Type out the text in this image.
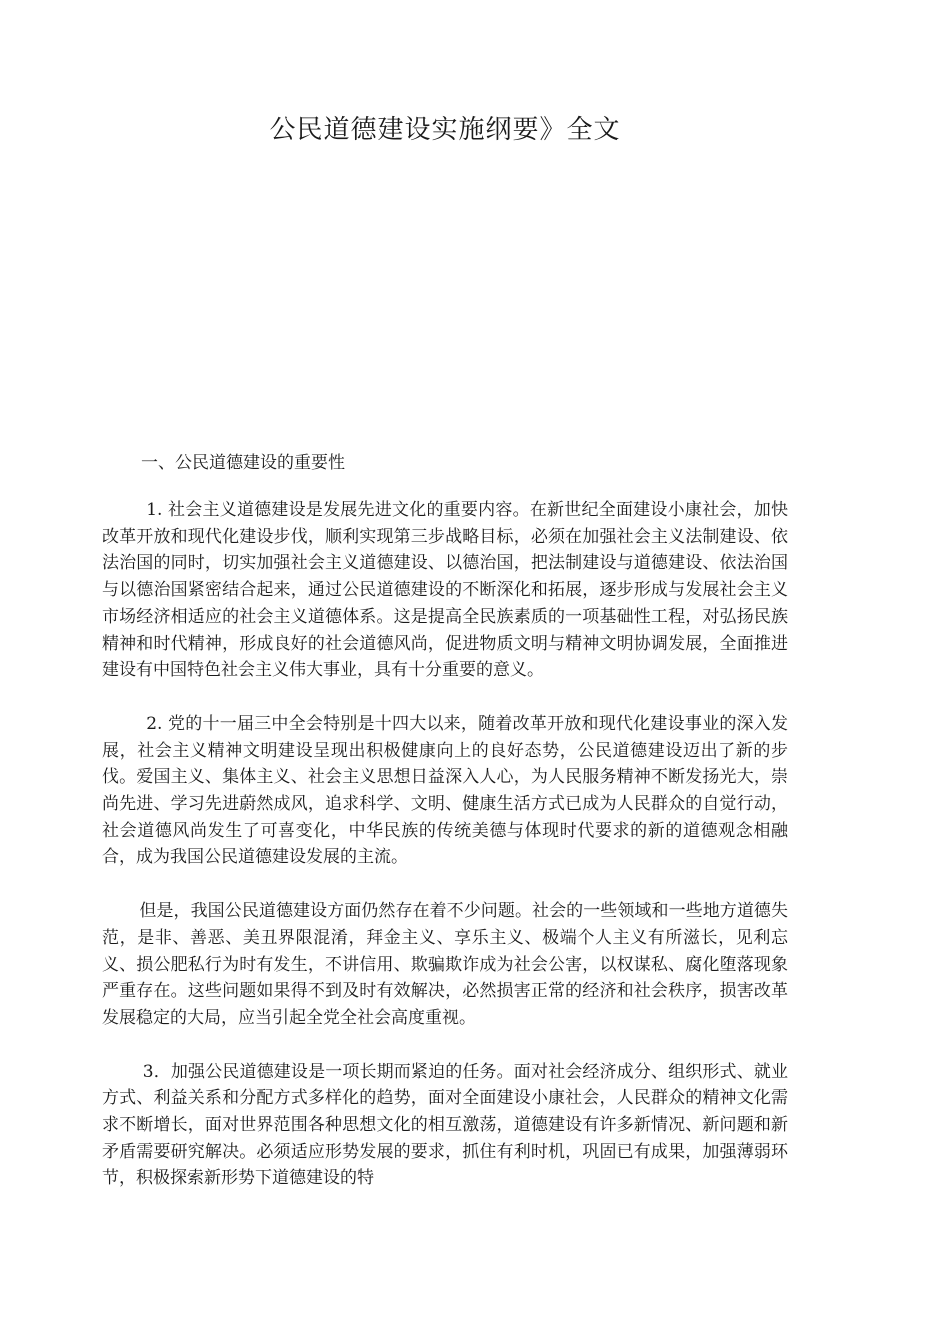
公民道德建设实施纲要》全文
一、公民道德建设的重要性

1. 社会主义道德建设是发展先进文化的重要内容。在新世纪全面建设小康社会，加快改革开放和现代化建设步伐，顺利实现第三步战略目标，必须在加强社会主义法制建设、依法治国的同时，切实加强社会主义道德建设、以德治国，把法制建设与道德建设、依法治国与以德治国紧密结合起来，通过公民道德建设的不断深化和拓展，逐步形成与发展社会主义市场经济相适应的社会主义道德体系。这是提高全民族素质的一项基础性工程，对弘扬民族精神和时代精神，形成良好的社会道德风尚，促进物质文明与精神文明协调发展，全面推进建设有中国特色社会主义伟大事业，具有十分重要的意义。

2. 党的十一届三中全会特别是十四大以来，随着改革开放和现代化建设事业的深入发展，社会主义精神文明建设呈现出积极健康向上的良好态势，公民道德建设迈出了新的步伐。爱国主义、集体主义、社会主义思想日益深入人心，为人民服务精神不断发扬光大，崇尚先进、学习先进蔚然成风，追求科学、文明、健康生活方式已成为人民群众的自觉行动，社会道德风尚发生了可喜变化，中华民族的传统美德与体现时代要求的新的道德观念相融合，成为我国公民道德建设发展的主流。

但是，我国公民道德建设方面仍然存在着不少问题。社会的一些领域和一些地方道德失范，是非、善恶、美丑界限混淆，拜金主义、享乐主义、极端个人主义有所滋长，见利忘义、损公肥私行为时有发生，不讲信用、欺骗欺诈成为社会公害，以权谋私、腐化堕落现象严重存在。这些问题如果得不到及时有效解决，必然损害正常的经济和社会秩序，损害改革发展稳定的大局，应当引起全党全社会高度重视。

3．加强公民道德建设是一项长期而紧迫的任务。面对社会经济成分、组织形式、就业方式、利益关系和分配方式多样化的趋势，面对全面建设小康社会，人民群众的精神文化需求不断增长，面对世界范围各种思想文化的相互激荡，道德建设有许多新情况、新问题和新矛盾需要研究解决。必须适应形势发展的要求，抓住有利时机，巩固已有成果，加强薄弱环节，积极探索新形势下道德建设的特
